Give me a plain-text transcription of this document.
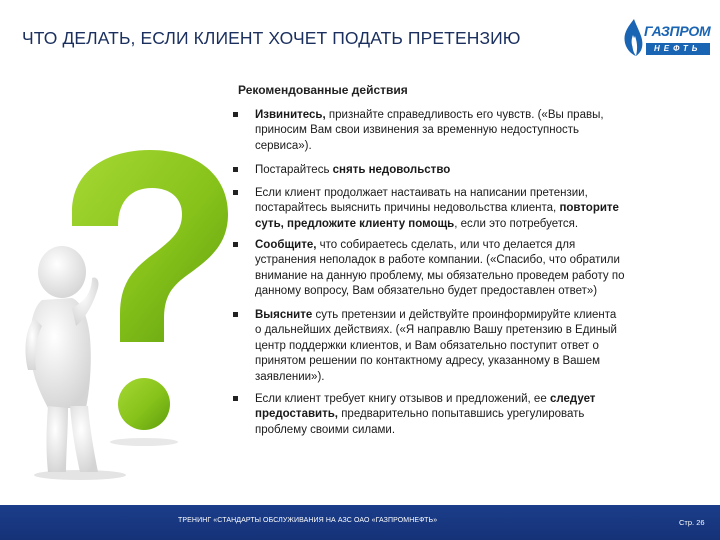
ЧТО ДЕЛАТЬ, ЕСЛИ КЛИЕНТ ХОЧЕТ ПОДАТЬ ПРЕТЕНЗИЮ	ГАЗПРОМ
НЕФТЬ
Рекомендованные действия
Извинитесь, признайте справедливость его чувств. («Вы правы,
приносим Вам свои извинения за временную недоступность
сервиса»).
Постарайтесь снять недовольство
Если клиент продолжает настаивать на написании претензии,
постарайтесь выяснить причины недовольства клиента, повторите
суть, предложите клиенту помощь, если это потребуется.
Сообщите, что собираетесь сделать, или что делается для
устранения неполадок в работе компании. («Спасибо, что обратили
внимание на данную проблему, мы обязательно проведем работу по
данному вопросу, Вам обязательно будет предоставлен ответ»)
Выясните суть претензии и действуйте проинформируйте клиента
о дальнейших действиях. («Я направлю Вашу претензию в Единый
центр поддержки клиентов, и Вам обязательно поступит ответ о
принятом решении по контактному адресу, указанному в Вашем
заявлении»).
Если клиент требует книгу отзывов и предложений, ее следует
предоставить, предварительно попытавшись урегулировать
проблему своими силами.
ТРЕНИНГ «СТАНДАРТЫ ОБСЛУЖИВАНИЯ НА АЗС ОАО «ГАЗПРОМНЕФТЬ»	Стр. 26
